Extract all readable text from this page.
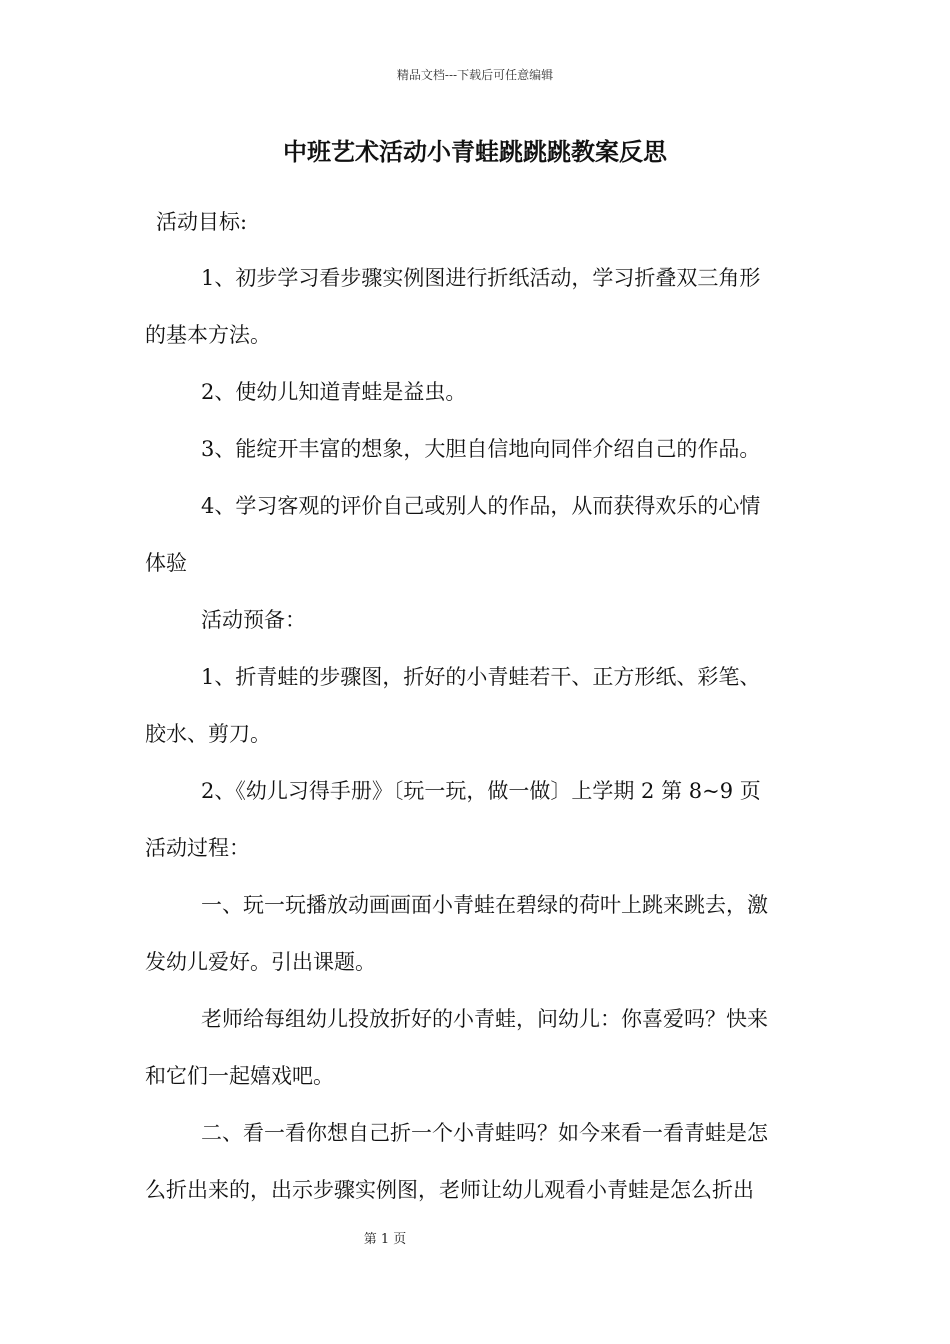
精品文档---下载后可任意编辑
中班艺术活动小青蛙跳跳跳教案反思
活动目标:
1、初步学习看步骤实例图进行折纸活动，学习折叠双三角形
的基本方法。
2、使幼儿知道青蛙是益虫。
3、能绽开丰富的想象，大胆自信地向同伴介绍自己的作品。
4、学习客观的评价自己或别人的作品，从而获得欢乐的心情
体验
活动预备：
1、折青蛙的步骤图，折好的小青蛙若干、正方形纸、彩笔、
胶水、剪刀。
2、《幼儿习得手册》〔玩一玩，做一做〕上学期 2 第 8~9 页
活动过程：
一、玩一玩播放动画画面小青蛙在碧绿的荷叶上跳来跳去，激
发幼儿爱好。引出课题。
老师给每组幼儿投放折好的小青蛙，问幼儿：你喜爱吗？快来
和它们一起嬉戏吧。
二、看一看你想自己折一个小青蛙吗？如今来看一看青蛙是怎
么折出来的，出示步骤实例图，老师让幼儿观看小青蛙是怎么折出
第 1 页
